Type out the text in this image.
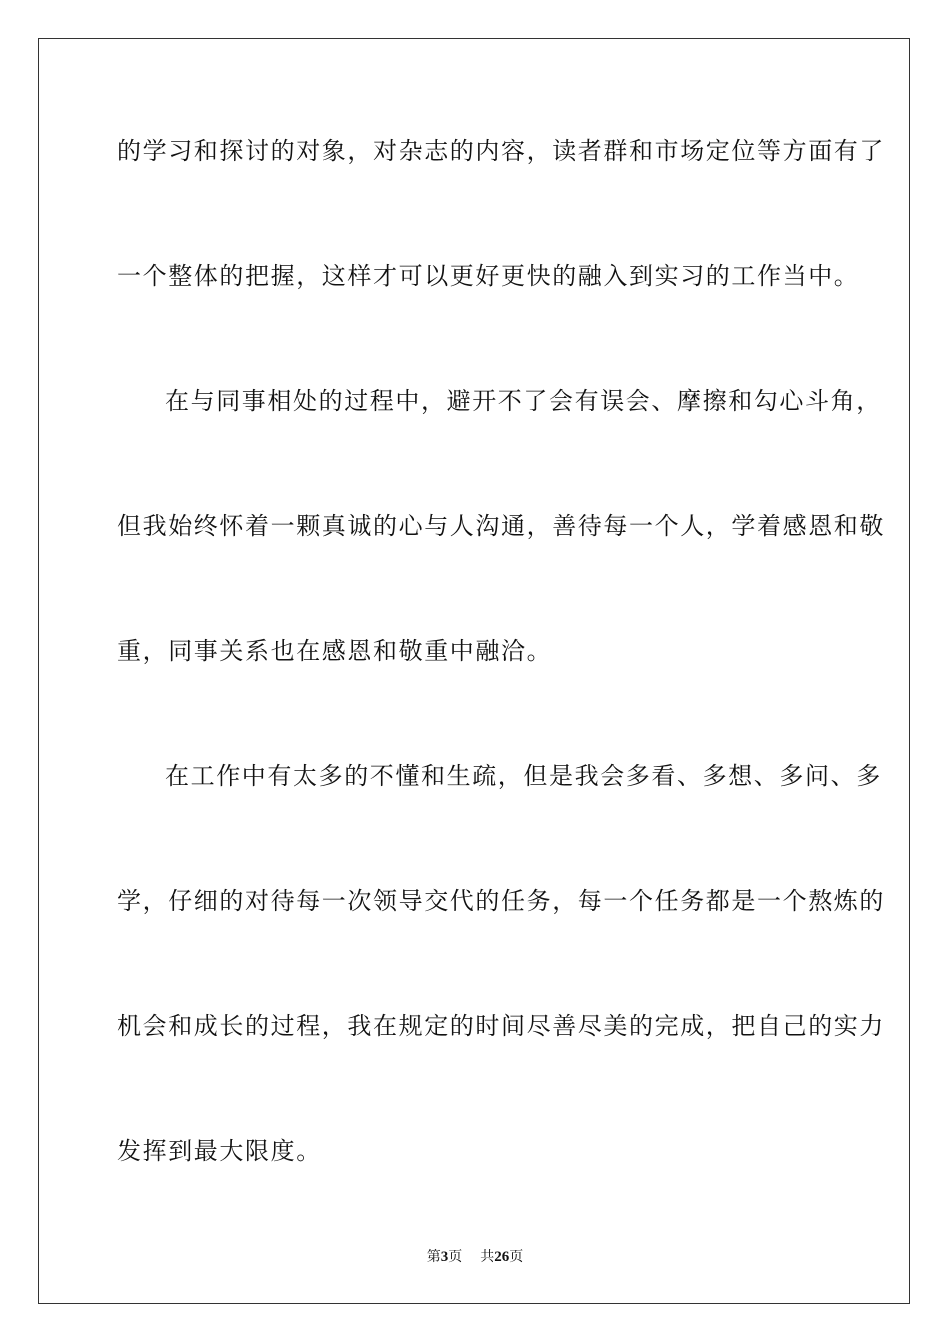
的学习和探讨的对象，对杂志的内容，读者群和市场定位等方面有了
一个整体的把握，这样才可以更好更快的融入到实习的工作当中。
在与同事相处的过程中，避开不了会有误会、摩擦和勾心斗角，
但我始终怀着一颗真诚的心与人沟通，善待每一个人，学着感恩和敬
重，同事关系也在感恩和敬重中融洽。
在工作中有太多的不懂和生疏，但是我会多看、多想、多问、多
学，仔细的对待每一次领导交代的任务，每一个任务都是一个熬炼的
机会和成长的过程，我在规定的时间尽善尽美的完成，把自己的实力
发挥到最大限度。
第3页 共26页
